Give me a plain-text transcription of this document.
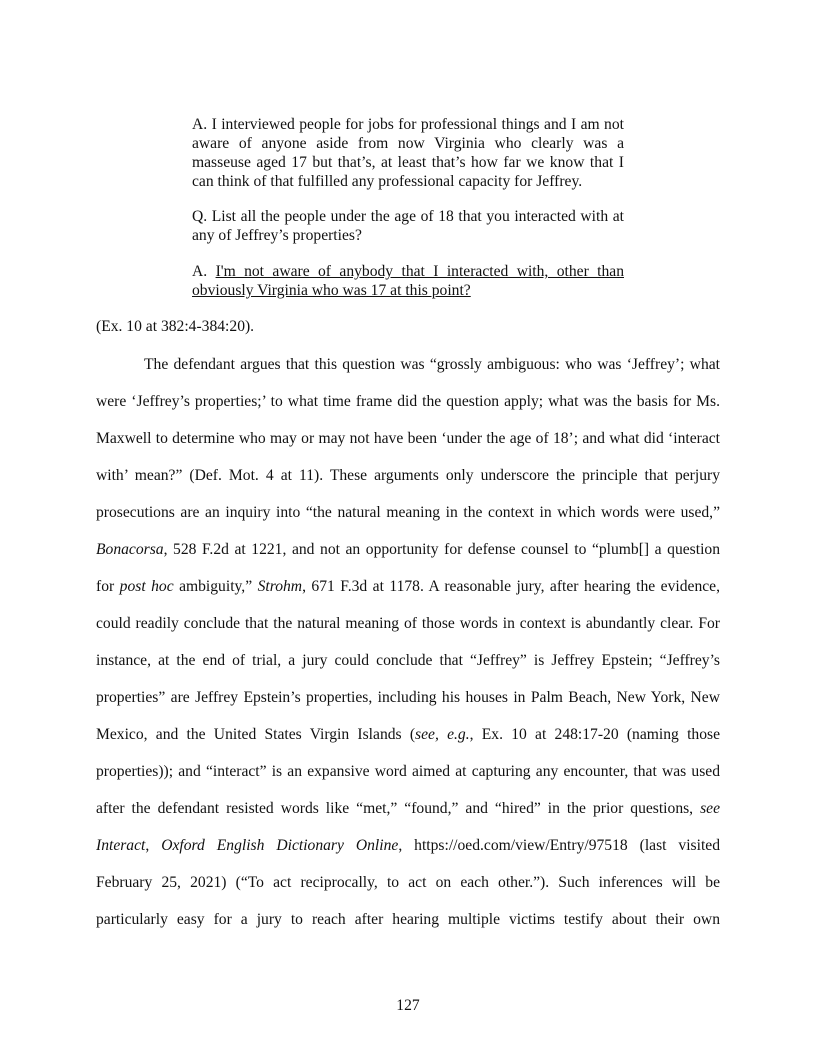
A. I interviewed people for jobs for professional things and I am not aware of anyone aside from now Virginia who clearly was a masseuse aged 17 but that’s, at least that’s how far we know that I can think of that fulfilled any professional capacity for Jeffrey.

Q. List all the people under the age of 18 that you interacted with at any of Jeffrey’s properties?

A. I'm not aware of anybody that I interacted with, other than obviously Virginia who was 17 at this point?

(Ex. 10 at 382:4-384:20).
The defendant argues that this question was “grossly ambiguous: who was ‘Jeffrey’; what
were ‘Jeffrey’s properties;’ to what time frame did the question apply; what was the basis for Ms.
Maxwell to determine who may or may not have been ‘under the age of 18’; and what did ‘interact
with’ mean?” (Def. Mot. 4 at 11). These arguments only underscore the principle that perjury
prosecutions are an inquiry into “the natural meaning in the context in which words were used,”
Bonacorsa, 528 F.2d at 1221, and not an opportunity for defense counsel to “plumb[] a question
for post hoc ambiguity,” Strohm, 671 F.3d at 1178. A reasonable jury, after hearing the evidence,
could readily conclude that the natural meaning of those words in context is abundantly clear. For
instance, at the end of trial, a jury could conclude that “Jeffrey” is Jeffrey Epstein; “Jeffrey’s
properties” are Jeffrey Epstein’s properties, including his houses in Palm Beach, New York, New
Mexico, and the United States Virgin Islands (see, e.g., Ex. 10 at 248:17-20 (naming those
properties)); and “interact” is an expansive word aimed at capturing any encounter, that was used
after the defendant resisted words like “met,” “found,” and “hired” in the prior questions, see
Interact, Oxford English Dictionary Online, https://oed.com/view/Entry/97518 (last visited
February 25, 2021) (“To act reciprocally, to act on each other.”). Such inferences will be
particularly easy for a jury to reach after hearing multiple victims testify about their own
127
